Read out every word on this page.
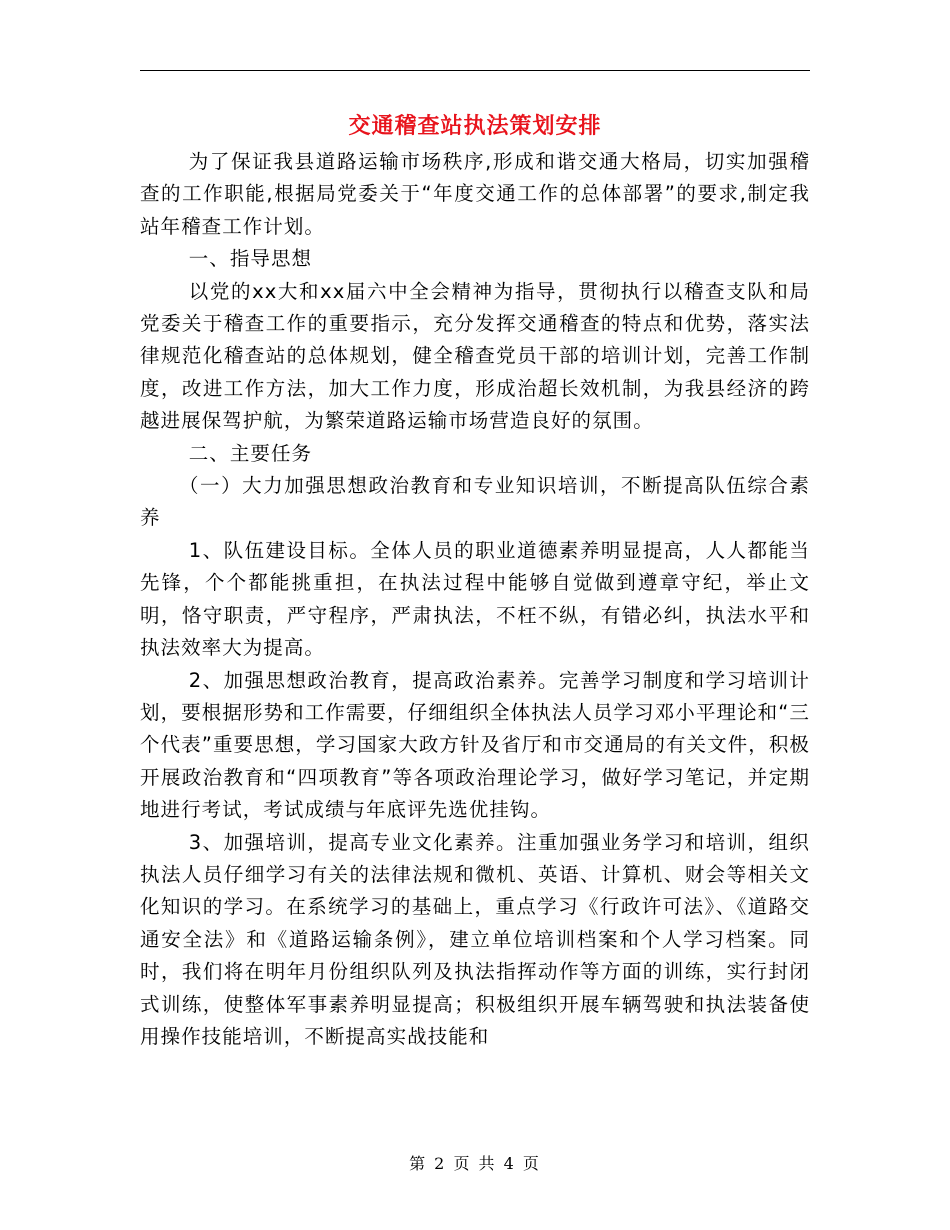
交通稽查站执法策划安排

为了保证我县道路运输市场秩序,形成和谐交通大格局，切实加强稽查的工作职能,根据局党委关于“年度交通工作的总体部署”的要求,制定我站年稽查工作计划。

一、指导思想

以党的xx大和xx届六中全会精神为指导，贯彻执行以稽查支队和局党委关于稽查工作的重要指示，充分发挥交通稽查的特点和优势，落实法律规范化稽查站的总体规划，健全稽查党员干部的培训计划，完善工作制度，改进工作方法，加大工作力度，形成治超长效机制，为我县经济的跨越进展保驾护航，为繁荣道路运输市场营造良好的氛围。

二、主要任务

（一）大力加强思想政治教育和专业知识培训，不断提高队伍综合素养

1、队伍建设目标。全体人员的职业道德素养明显提高，人人都能当先锋，个个都能挑重担，在执法过程中能够自觉做到遵章守纪，举止文明，恪守职责，严守程序，严肃执法，不枉不纵，有错必纠，执法水平和执法效率大为提高。

2、加强思想政治教育，提高政治素养。完善学习制度和学习培训计划，要根据形势和工作需要，仔细组织全体执法人员学习邓小平理论和“三个代表”重要思想，学习国家大政方针及省厅和市交通局的有关文件，积极开展政治教育和“四项教育”等各项政治理论学习，做好学习笔记，并定期地进行考试，考试成绩与年底评先选优挂钩。

3、加强培训，提高专业文化素养。注重加强业务学习和培训，组织执法人员仔细学习有关的法律法规和微机、英语、计算机、财会等相关文化知识的学习。在系统学习的基础上，重点学习《行政许可法》、《道路交通安全法》和《道路运输条例》，建立单位培训档案和个人学习档案。同时，我们将在明年月份组织队列及执法指挥动作等方面的训练，实行封闭式训练，使整体军事素养明显提高；积极组织开展车辆驾驶和执法装备使用操作技能培训，不断提高实战技能和

第 2 页 共 4 页
